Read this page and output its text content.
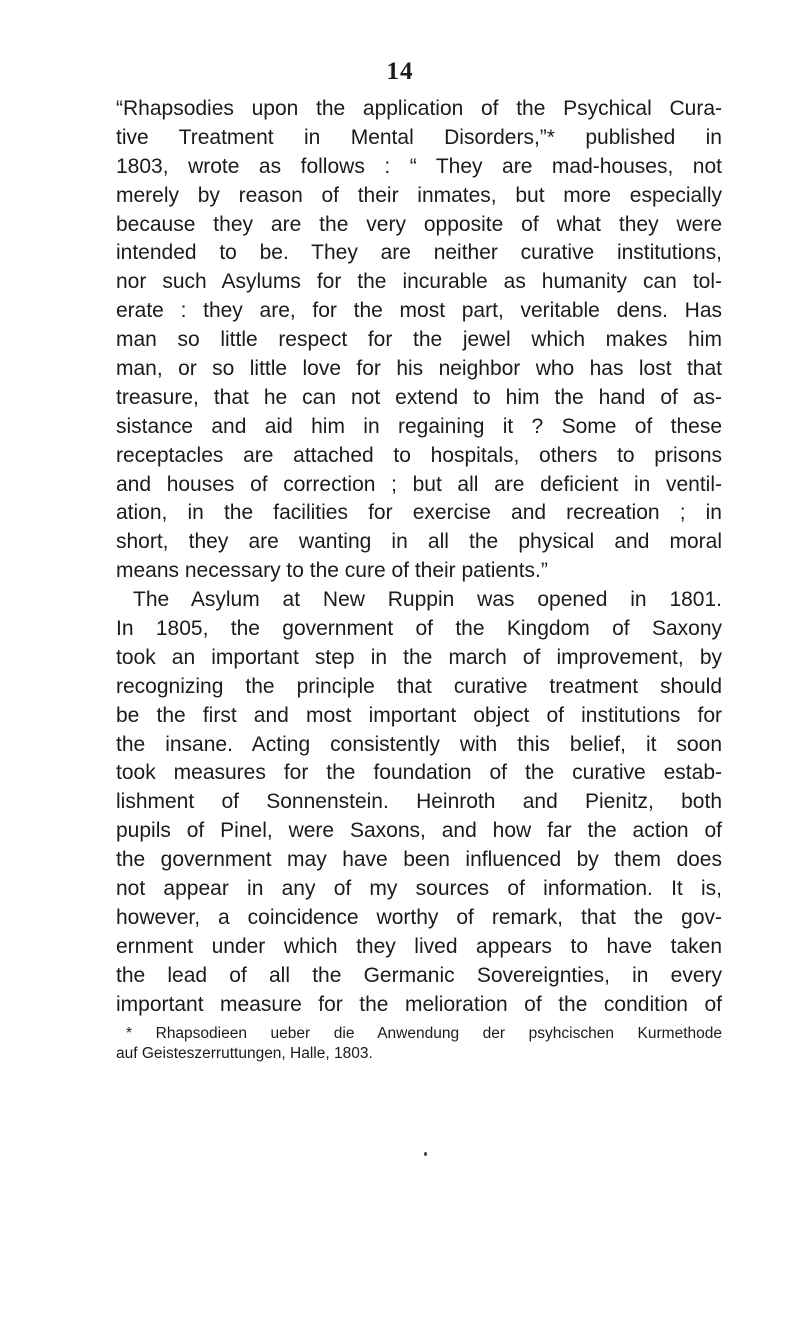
14
“Rhapsodies upon the application of the Psychical Cura-
tive Treatment in Mental Disorders,”* published in
1803, wrote as follows : “ They are mad-houses, not
merely by reason of their inmates, but more especially
because they are the very opposite of what they were
intended to be. They are neither curative institutions,
nor such Asylums for the incurable as humanity can tol-
erate : they are, for the most part, veritable dens. Has
man so little respect for the jewel which makes him
man, or so little love for his neighbor who has lost that
treasure, that he can not extend to him the hand of as-
sistance and aid him in regaining it ? Some of these
receptacles are attached to hospitals, others to prisons
and houses of correction ; but all are deficient in ventil-
ation, in the facilities for exercise and recreation ; in
short, they are wanting in all the physical and moral
means necessary to the cure of their patients.”
The Asylum at New Ruppin was opened in 1801.
In 1805, the government of the Kingdom of Saxony
took an important step in the march of improvement, by
recognizing the principle that curative treatment should
be the first and most important object of institutions for
the insane. Acting consistently with this belief, it soon
took measures for the foundation of the curative estab-
lishment of Sonnenstein. Heinroth and Pienitz, both
pupils of Pinel, were Saxons, and how far the action of
the government may have been influenced by them does
not appear in any of my sources of information. It is,
however, a coincidence worthy of remark, that the gov-
ernment under which they lived appears to have taken
the lead of all the Germanic Sovereignties, in every
important measure for the melioration of the condition of
* Rhapsodieen ueber die Anwendung der psyhcischen Kurmethode
auf Geisteszerruttungen, Halle, 1803.
